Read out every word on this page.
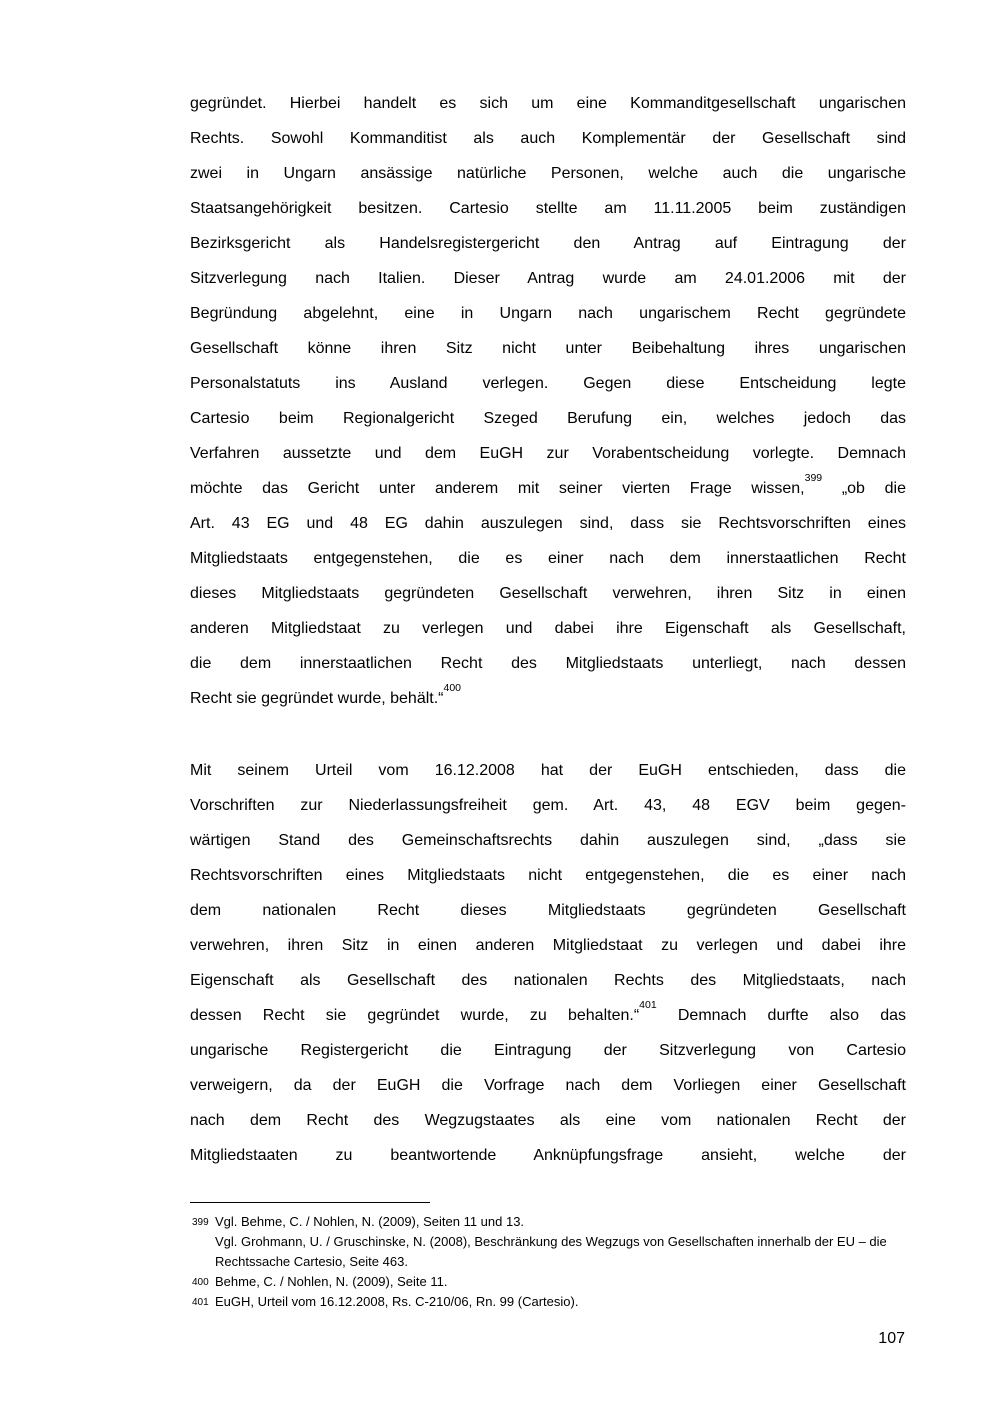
gegründet. Hierbei handelt es sich um eine Kommanditgesellschaft ungarischen
Rechts. Sowohl Kommanditist als auch Komplementär der Gesellschaft sind
zwei in Ungarn ansässige natürliche Personen, welche auch die ungarische
Staatsangehörigkeit besitzen. Cartesio stellte am 11.11.2005 beim zuständigen
Bezirksgericht als Handelsregistergericht den Antrag auf Eintragung der
Sitzverlegung nach Italien. Dieser Antrag wurde am 24.01.2006 mit der
Begründung abgelehnt, eine in Ungarn nach ungarischem Recht gegründete
Gesellschaft könne ihren Sitz nicht unter Beibehaltung ihres ungarischen
Personalstatuts ins Ausland verlegen. Gegen diese Entscheidung legte
Cartesio beim Regionalgericht Szeged Berufung ein, welches jedoch das
Verfahren aussetzte und dem EuGH zur Vorabentscheidung vorlegte. Demnach
möchte das Gericht unter anderem mit seiner vierten Frage wissen,$^{399}$ „ob die
Art. 43 EG und 48 EG dahin auszulegen sind, dass sie Rechtsvorschriften eines
Mitgliedstaats entgegenstehen, die es einer nach dem innerstaatlichen Recht
dieses Mitgliedstaats gegründeten Gesellschaft verwehren, ihren Sitz in einen
anderen Mitgliedstaat zu verlegen und dabei ihre Eigenschaft als Gesellschaft,
die dem innerstaatlichen Recht des Mitgliedstaats unterliegt, nach dessen
Recht sie gegründet wurde, behält.“$^{400}$
Mit seinem Urteil vom 16.12.2008 hat der EuGH entschieden, dass die
Vorschriften zur Niederlassungsfreiheit gem. Art. 43, 48 EGV beim gegen-
wärtigen Stand des Gemeinschaftsrechts dahin auszulegen sind, „dass sie
Rechtsvorschriften eines Mitgliedstaats nicht entgegenstehen, die es einer nach
dem nationalen Recht dieses Mitgliedstaats gegründeten Gesellschaft
verwehren, ihren Sitz in einen anderen Mitgliedstaat zu verlegen und dabei ihre
Eigenschaft als Gesellschaft des nationalen Rechts des Mitgliedstaats, nach
dessen Recht sie gegründet wurde, zu behalten.“$^{401}$ Demnach durfte also das
ungarische Registergericht die Eintragung der Sitzverlegung von Cartesio
verweigern, da der EuGH die Vorfrage nach dem Vorliegen einer Gesellschaft
nach dem Recht des Wegzugstaates als eine vom nationalen Recht der
Mitgliedstaaten zu beantwortende Anknüpfungsfrage ansieht, welche der
399 Vgl. Behme, C. / Nohlen, N. (2009), Seiten 11 und 13.
Vgl. Grohmann, U. / Gruschinske, N. (2008), Beschränkung des Wegzugs von Gesellschaften innerhalb der EU – die Rechtssache Cartesio, Seite 463.
400 Behme, C. / Nohlen, N. (2009), Seite 11.
401 EuGH, Urteil vom 16.12.2008, Rs. C-210/06, Rn. 99 (Cartesio).
107
